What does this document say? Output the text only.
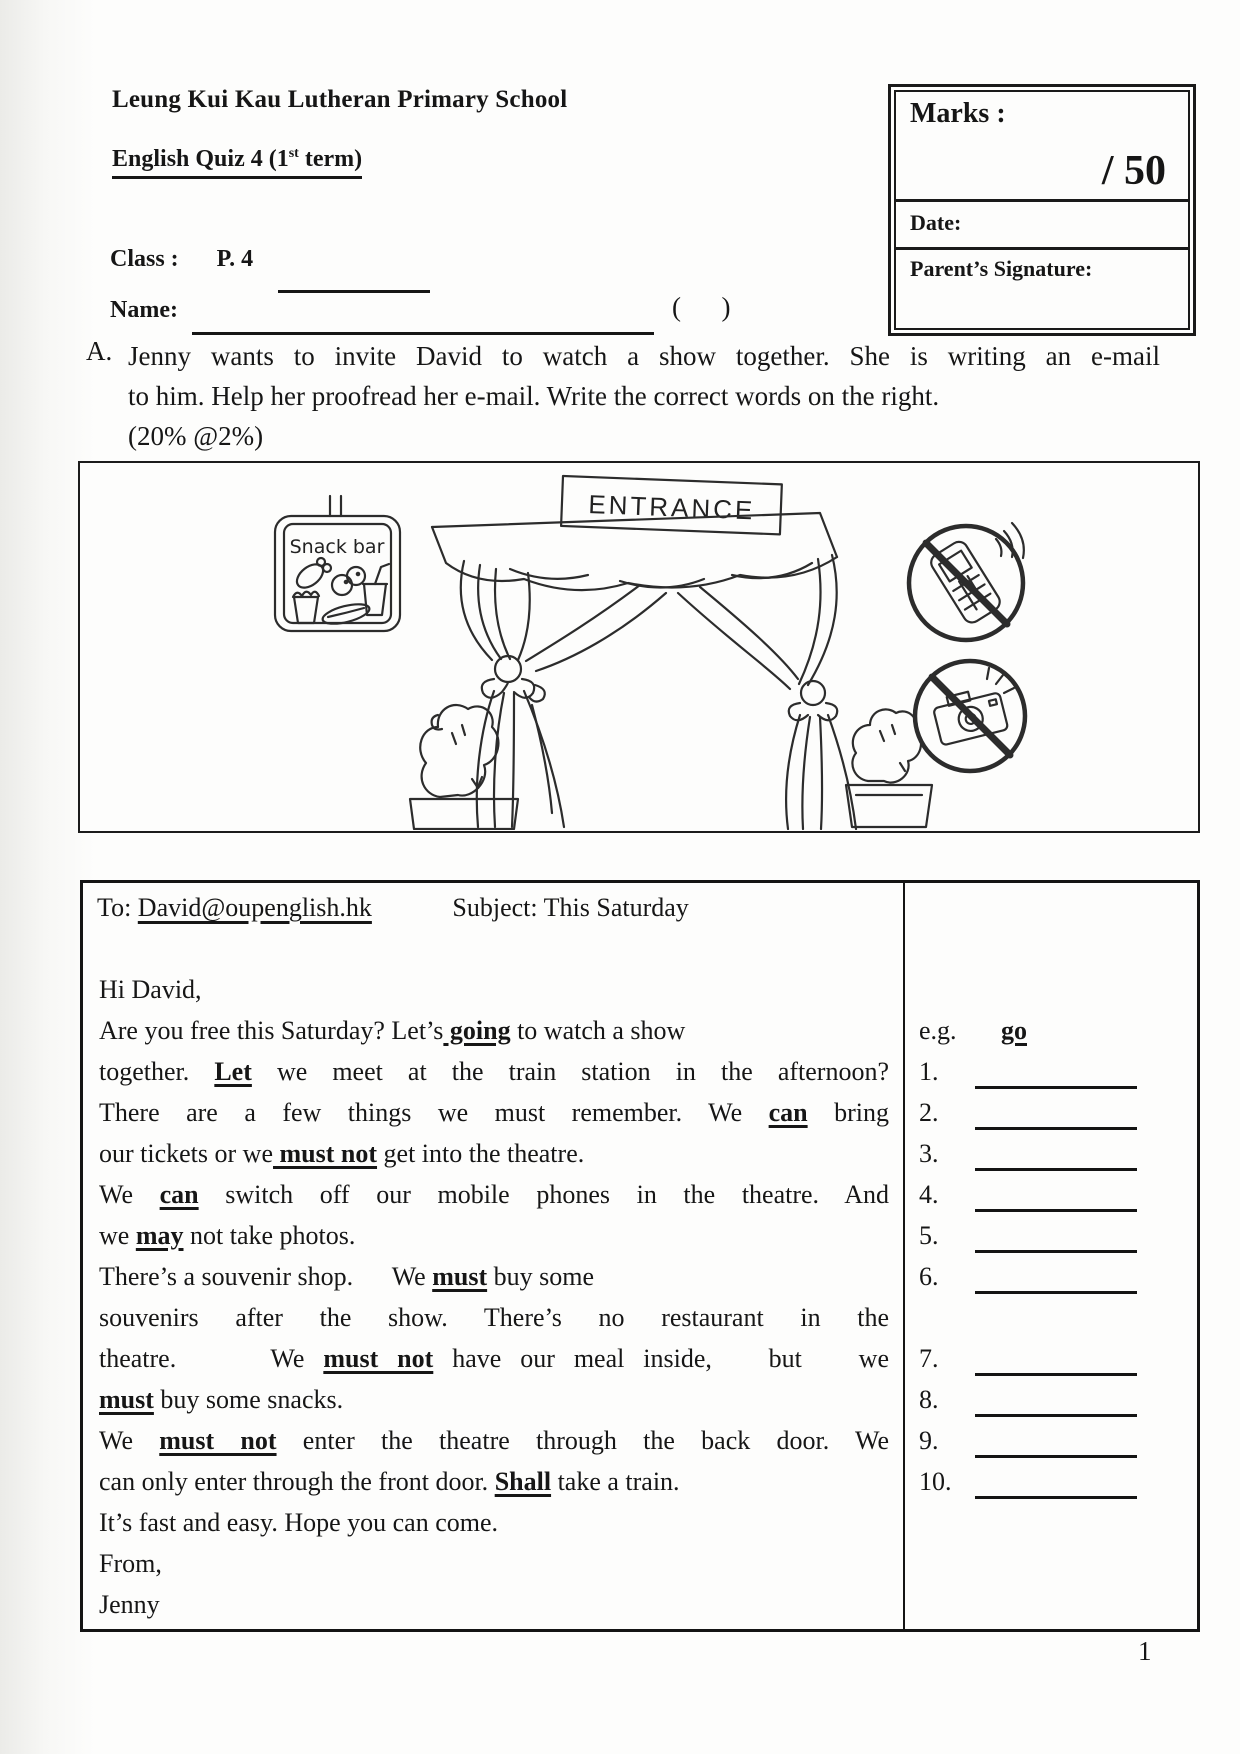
Leung Kui Kau Lutheran Primary School
English Quiz 4 (1st term)
Marks :
/ 50
Date:
Parent’s Signature:
Class : P. 4
Name:	(      )
A. Jenny wants to invite David to watch a show together. She is writing an e-mail
to him. Help her proofread her e-mail. Write the correct words on the right.
(20% @2%)
Snack bar
ENTRANCE
To: David@oupenglish.hk	Subject: This Saturday
Hi David,
Are you free this Saturday? Let’s going to watch a show
together. Let we meet at the train station in the afternoon?
There are a few things we must remember. We can bring
our tickets or we must not get into the theatre.
We can switch off our mobile phones in the theatre. And
we may not take photos.
There’s a souvenir shop.      We must buy some
souvenirs after the show. There’s no restaurant in the
theatre.     We must not have our meal inside,   but   we
must buy some snacks.
We must not enter the theatre through the back door. We
can only enter through the front door. Shall take a train.
It’s fast and easy. Hope you can come.
From,
Jenny
e.g. go
1.
2.
3.
4.
5.
6.
7.
8.
9.
10.
1
